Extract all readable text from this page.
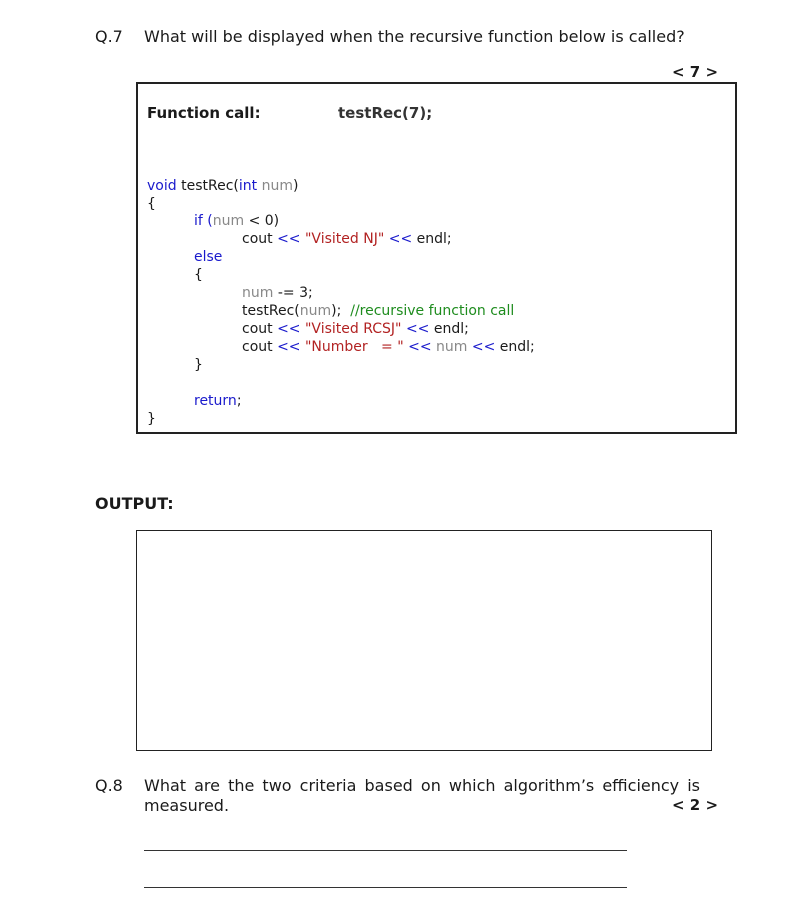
Q.7 What will be displayed when the recursive function below is called?
< 7 >
Function call:	testRec(7);
void testRec(int num)
{
if (num < 0)
cout << "Visited NJ" << endl;
else
{
num -= 3;
testRec(num);  //recursive function call
cout << "Visited RCSJ" << endl;
cout << "Number   = " << num << endl;
}
return;
}
OUTPUT:
Q.8 What are the two criteria based on which algorithm’s efficiency is
measured.	< 2 >
